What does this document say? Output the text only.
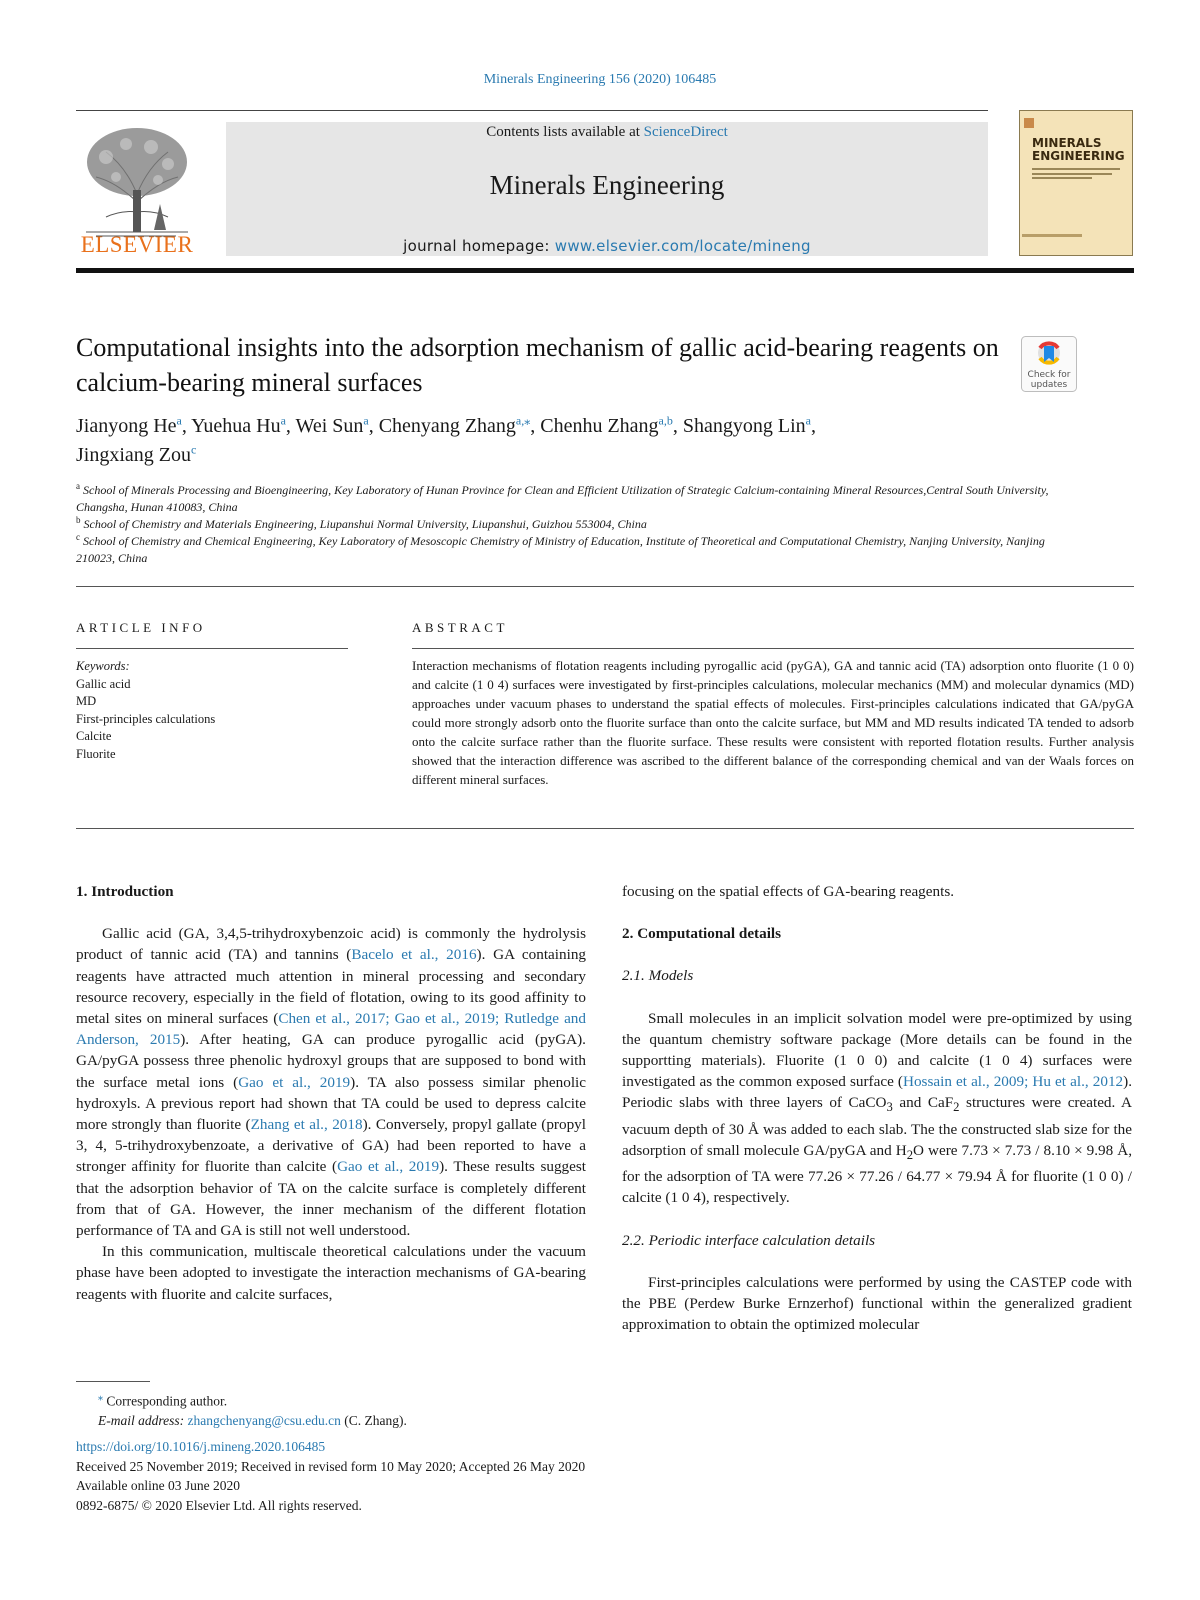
Minerals Engineering 156 (2020) 106485
ELSEVIER
Contents lists available at ScienceDirect
Minerals Engineering
journal homepage: www.elsevier.com/locate/mineng
MINERALS ENGINEERING
Computational insights into the adsorption mechanism of gallic acid-bearing reagents on calcium-bearing mineral surfaces	Check for updates
Jianyong He$^a$, Yuehua Hu$^a$, Wei Sun$^a$, Chenyang Zhang$^{a,⁎}$, Chenhu Zhang$^{a,b}$, Shangyong Lin$^a$,
Jingxiang Zou$^c$
$^a$ School of Minerals Processing and Bioengineering, Key Laboratory of Hunan Province for Clean and Efficient Utilization of Strategic Calcium-containing Mineral Resources,Central South University, Changsha, Hunan 410083, China
$^b$ School of Chemistry and Materials Engineering, Liupanshui Normal University, Liupanshui, Guizhou 553004, China
$^c$ School of Chemistry and Chemical Engineering, Key Laboratory of Mesoscopic Chemistry of Ministry of Education, Institute of Theoretical and Computational Chemistry, Nanjing University, Nanjing 210023, China
ARTICLE INFO	ABSTRACT
Keywords:
Gallic acid
MD
First-principles calculations
Calcite
Fluorite
Interaction mechanisms of flotation reagents including pyrogallic acid (pyGA), GA and tannic acid (TA) adsorption onto fluorite (1 0 0) and calcite (1 0 4) surfaces were investigated by first-principles calculations, molecular mechanics (MM) and molecular dynamics (MD) approaches under vacuum phases to understand the spatial effects of molecules. First-principles calculations indicated that GA/pyGA could more strongly adsorb onto the fluorite surface than onto the calcite surface, but MM and MD results indicated TA tended to adsorb onto the calcite surface rather than the fluorite surface. These results were consistent with reported flotation results. Further analysis showed that the interaction difference was ascribed to the different balance of the corresponding chemical and van der Waals forces on different mineral surfaces.
1. Introduction
Gallic acid (GA, 3,4,5-trihydroxybenzoic acid) is commonly the hydrolysis product of tannic acid (TA) and tannins (Bacelo et al., 2016). GA containing reagents have attracted much attention in mineral processing and secondary resource recovery, especially in the field of flotation, owing to its good affinity to metal sites on mineral surfaces (Chen et al., 2017; Gao et al., 2019; Rutledge and Anderson, 2015). After heating, GA can produce pyrogallic acid (pyGA). GA/pyGA possess three phenolic hydroxyl groups that are supposed to bond with the surface metal ions (Gao et al., 2019). TA also possess similar phenolic hydroxyls. A previous report had shown that TA could be used to depress calcite more strongly than fluorite (Zhang et al., 2018). Conversely, propyl gallate (propyl 3, 4, 5-trihydroxybenzoate, a derivative of GA) had been reported to have a stronger affinity for fluorite than calcite (Gao et al., 2019). These results suggest that the adsorption behavior of TA on the calcite surface is completely different from that of GA. However, the inner mechanism of the different flotation performance of TA and GA is still not well understood.
In this communication, multiscale theoretical calculations under the vacuum phase have been adopted to investigate the interaction mechanisms of GA-bearing reagents with fluorite and calcite surfaces,
focusing on the spatial effects of GA-bearing reagents.
2. Computational details
2.1. Models
Small molecules in an implicit solvation model were pre-optimized by using the quantum chemistry software package (More details can be found in the supportting materials). Fluorite (1 0 0) and calcite (1 0 4) surfaces were investigated as the common exposed surface (Hossain et al., 2009; Hu et al., 2012). Periodic slabs with three layers of CaCO$_3$ and CaF$_2$ structures were created. A vacuum depth of 30 Å was added to each slab. The the constructed slab size for the adsorption of small molecule GA/pyGA and $H_2O$ were 7.73 × 7.73 / 8.10 × 9.98 Å, for the adsorption of TA were 77.26 × 77.26 / 64.77 × 79.94 Å for fluorite (1 0 0) / calcite (1 0 4), respectively.
2.2. Periodic interface calculation details
First-principles calculations were performed by using the CASTEP code with the PBE (Perdew Burke Ernzerhof) functional within the generalized gradient approximation to obtain the optimized molecular
⁎ Corresponding author.
E-mail address: zhangchenyang@csu.edu.cn (C. Zhang).
https://doi.org/10.1016/j.mineng.2020.106485
Received 25 November 2019; Received in revised form 10 May 2020; Accepted 26 May 2020
Available online 03 June 2020
0892-6875/ © 2020 Elsevier Ltd. All rights reserved.
